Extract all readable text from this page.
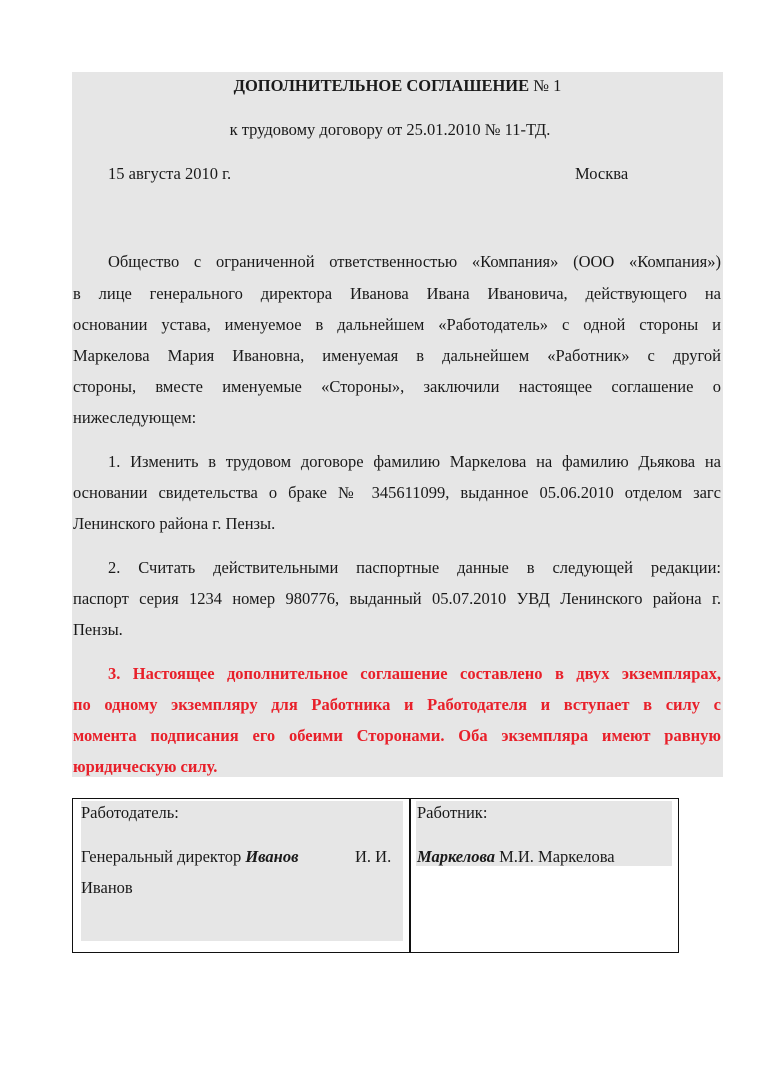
ДОПОЛНИТЕЛЬНОЕ СОГЛАШЕНИЕ № 1
к трудовому договору от 25.01.2010 № 11-ТД.
15 августа 2010 г.	Москва
Общество с ограниченной ответственностью «Компания» (ООО «Компания»)
в лице генерального директора Иванова Ивана Ивановича, действующего на
основании устава, именуемое в дальнейшем «Работодатель» с одной стороны и
Маркелова Мария Ивановна, именуемая в дальнейшем «Работник» с другой
стороны, вместе именуемые «Стороны», заключили настоящее соглашение о
нижеследующем:
1. Изменить в трудовом договоре фамилию Маркелова на фамилию Дьякова на
основании свидетельства о браке № 345611099, выданное 05.06.2010 отделом загс
Ленинского района г. Пензы.
2. Считать действительными паспортные данные в следующей редакции:
паспорт серия 1234 номер 980776, выданный 05.07.2010 УВД Ленинского района г.
Пензы.
3. Настоящее дополнительное соглашение составлено в двух экземплярах,
по одному экземпляру для Работника и Работодателя и вступает в силу с
момента подписания его обеими Сторонами. Оба экземпляра имеют равную
юридическую силу.
Работодатель:
Генеральный директор Иванов	И. И.
Иванов
Работник:
Маркелова М.И. Маркелова
